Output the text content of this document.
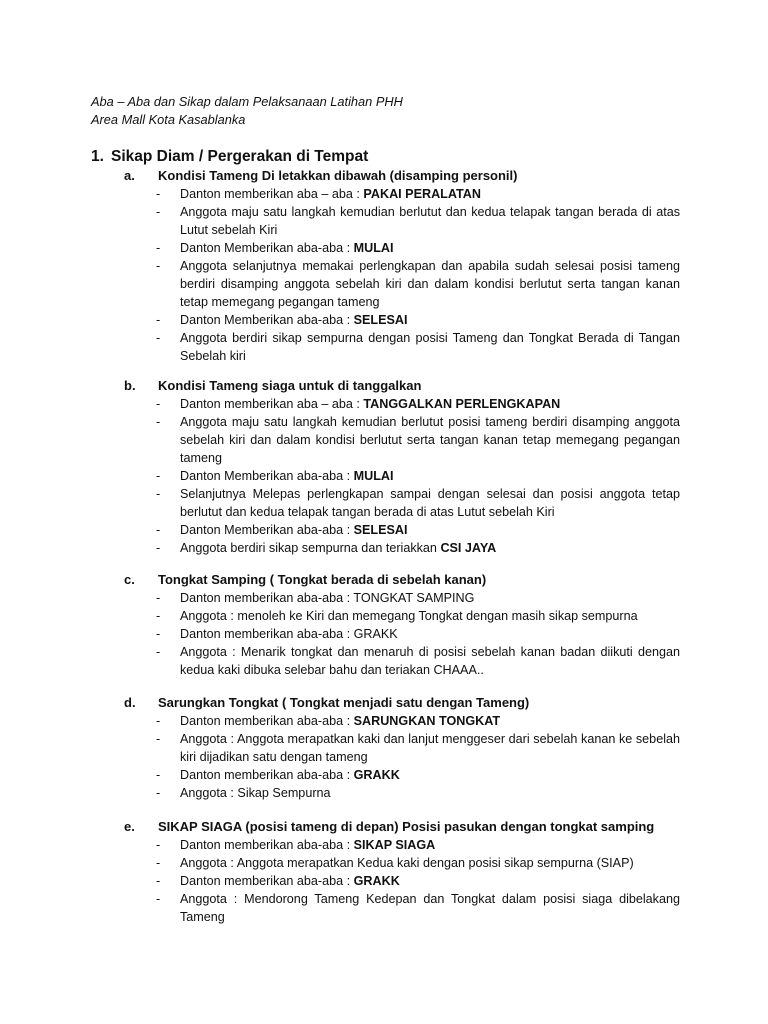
Aba – Aba dan Sikap dalam Pelaksanaan Latihan PHH
Area Mall Kota Kasablanka
1. Sikap Diam / Pergerakan di Tempat
a.	Kondisi Tameng Di letakkan dibawah (disamping personil)
-	Danton memberikan aba – aba : PAKAI PERALATAN
-	Anggota maju satu langkah kemudian berlutut dan kedua telapak tangan berada di atas Lutut sebelah Kiri
-	Danton Memberikan aba-aba : MULAI
-	Anggota selanjutnya memakai perlengkapan dan apabila sudah selesai posisi tameng berdiri disamping anggota sebelah kiri dan dalam kondisi berlutut serta tangan kanan tetap memegang pegangan tameng
-	Danton Memberikan aba-aba : SELESAI
-	Anggota berdiri sikap sempurna dengan posisi Tameng dan Tongkat Berada di Tangan Sebelah kiri
b.	Kondisi Tameng siaga untuk di tanggalkan
-	Danton memberikan aba – aba : TANGGALKAN PERLENGKAPAN
-	Anggota maju satu langkah kemudian berlutut posisi tameng berdiri disamping anggota sebelah kiri dan dalam kondisi berlutut serta tangan kanan tetap memegang pegangan tameng
-	Danton Memberikan aba-aba : MULAI
-	Selanjutnya Melepas perlengkapan sampai dengan selesai dan posisi anggota tetap berlutut dan kedua telapak tangan berada di atas Lutut sebelah Kiri
-	Danton Memberikan aba-aba : SELESAI
-	Anggota berdiri sikap sempurna dan teriakkan CSI JAYA
c.	Tongkat Samping ( Tongkat berada di sebelah kanan)
-	Danton memberikan aba-aba : TONGKAT SAMPING
-	Anggota : menoleh ke Kiri dan memegang Tongkat dengan masih sikap sempurna
-	Danton memberikan aba-aba : GRAKK
-	Anggota : Menarik tongkat dan menaruh di posisi sebelah kanan badan diikuti dengan kedua kaki dibuka selebar bahu dan teriakan CHAAA..
d.	Sarungkan Tongkat ( Tongkat menjadi satu dengan Tameng)
-	Danton memberikan aba-aba : SARUNGKAN TONGKAT
-	Anggota : Anggota merapatkan kaki dan lanjut menggeser dari sebelah kanan ke sebelah kiri dijadikan satu dengan tameng
-	Danton memberikan aba-aba : GRAKK
-	Anggota : Sikap Sempurna
e.	SIKAP SIAGA (posisi tameng di depan) Posisi pasukan dengan tongkat samping
-	Danton memberikan aba-aba : SIKAP SIAGA
-	Anggota : Anggota merapatkan Kedua kaki dengan posisi sikap sempurna (SIAP)
-	Danton memberikan aba-aba : GRAKK
-	Anggota : Mendorong Tameng Kedepan dan Tongkat dalam posisi siaga dibelakang Tameng
